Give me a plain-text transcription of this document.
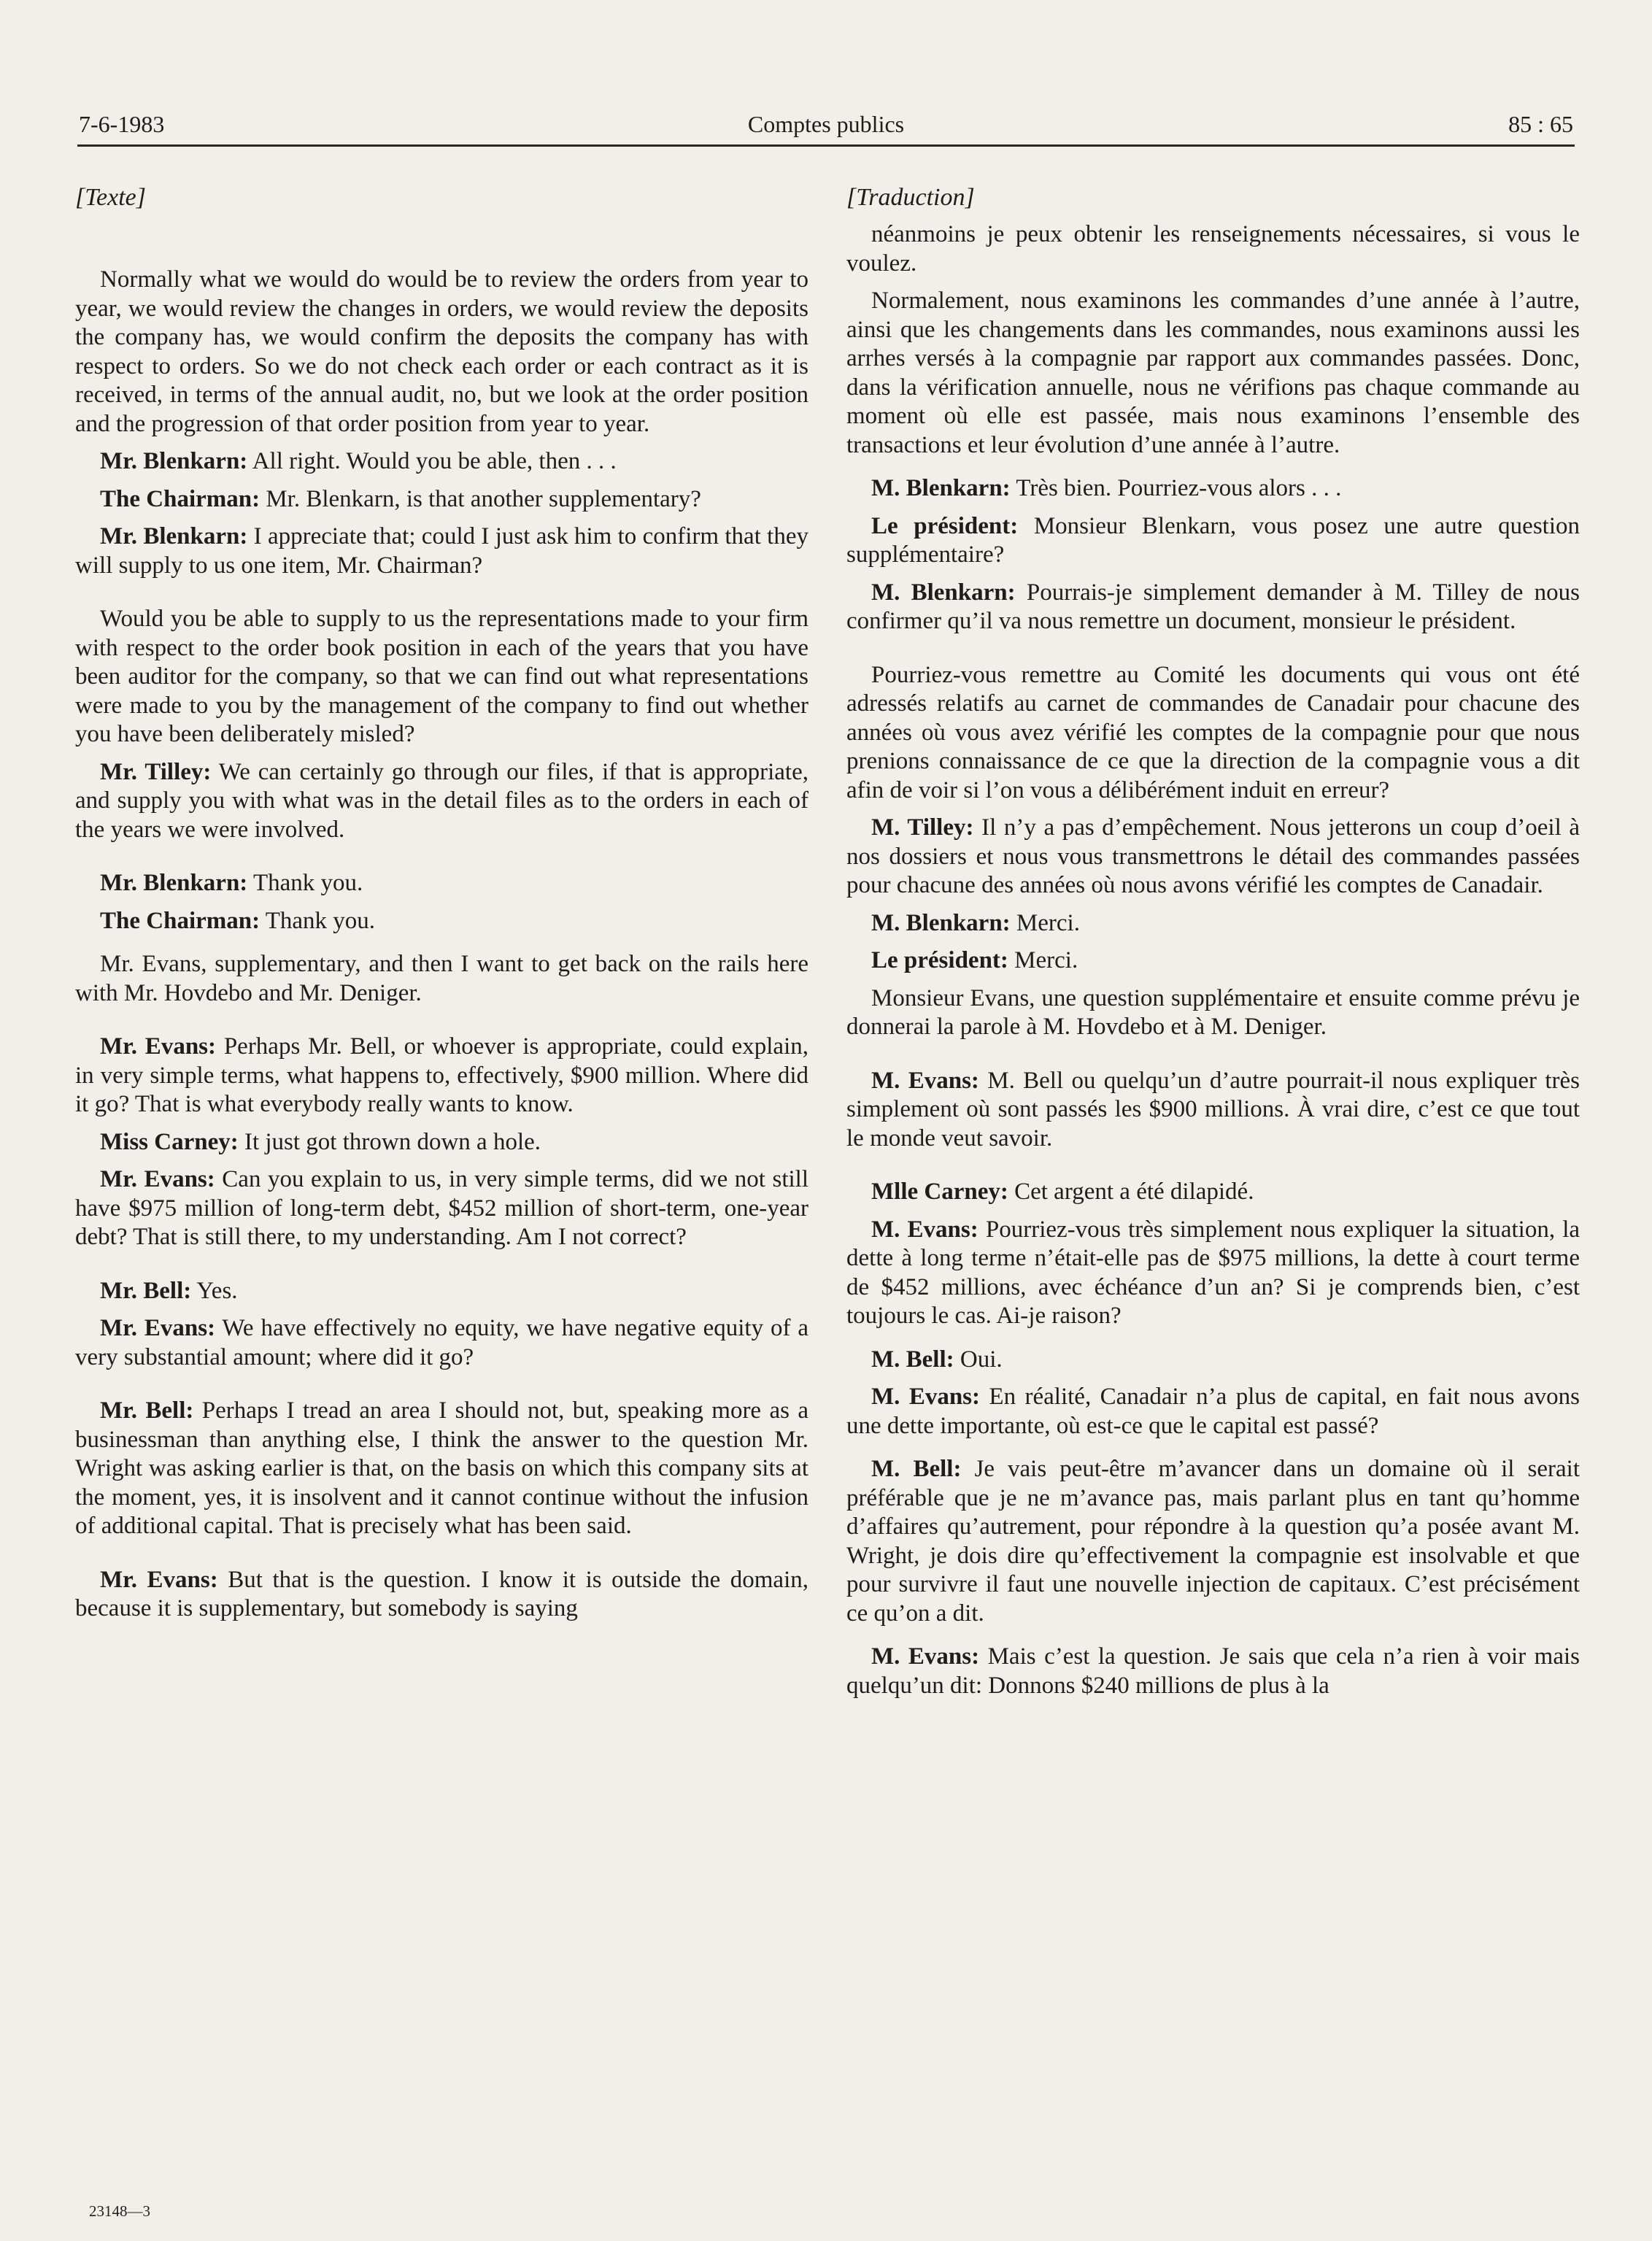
7-6-1983	Comptes publics	85 : 65
[Texte]

Normally what we would do would be to review the orders from year to year, we would review the changes in orders, we would review the deposits the company has, we would confirm the deposits the company has with respect to orders. So we do not check each order or each contract as it is received, in terms of the annual audit, no, but we look at the order position and the progression of that order position from year to year.

Mr. Blenkarn: All right. Would you be able, then . . .

The Chairman: Mr. Blenkarn, is that another supplementary?

Mr. Blenkarn: I appreciate that; could I just ask him to confirm that they will supply to us one item, Mr. Chairman?

Would you be able to supply to us the representations made to your firm with respect to the order book position in each of the years that you have been auditor for the company, so that we can find out what representations were made to you by the management of the company to find out whether you have been deliberately misled?

Mr. Tilley: We can certainly go through our files, if that is appropriate, and supply you with what was in the detail files as to the orders in each of the years we were involved.

Mr. Blenkarn: Thank you.

The Chairman: Thank you.

Mr. Evans, supplementary, and then I want to get back on the rails here with Mr. Hovdebo and Mr. Deniger.

Mr. Evans: Perhaps Mr. Bell, or whoever is appropriate, could explain, in very simple terms, what happens to, effectively, $900 million. Where did it go? That is what everybody really wants to know.

Miss Carney: It just got thrown down a hole.

Mr. Evans: Can you explain to us, in very simple terms, did we not still have $975 million of long-term debt, $452 million of short-term, one-year debt? That is still there, to my understanding. Am I not correct?

Mr. Bell: Yes.

Mr. Evans: We have effectively no equity, we have negative equity of a very substantial amount; where did it go?

Mr. Bell: Perhaps I tread an area I should not, but, speaking more as a businessman than anything else, I think the answer to the question Mr. Wright was asking earlier is that, on the basis on which this company sits at the moment, yes, it is insolvent and it cannot continue without the infusion of additional capital. That is precisely what has been said.

Mr. Evans: But that is the question. I know it is outside the domain, because it is supplementary, but somebody is saying

[Traduction]

néanmoins je peux obtenir les renseignements nécessaires, si vous le voulez.

Normalement, nous examinons les commandes d’une année à l’autre, ainsi que les changements dans les commandes, nous examinons aussi les arrhes versés à la compagnie par rapport aux commandes passées. Donc, dans la vérification annuelle, nous ne vérifions pas chaque commande au moment où elle est passée, mais nous examinons l’ensemble des transactions et leur évolution d’une année à l’autre.

M. Blenkarn: Très bien. Pourriez-vous alors . . .

Le président: Monsieur Blenkarn, vous posez une autre question supplémentaire?

M. Blenkarn: Pourrais-je simplement demander à M. Tilley de nous confirmer qu’il va nous remettre un document, monsieur le président.

Pourriez-vous remettre au Comité les documents qui vous ont été adressés relatifs au carnet de commandes de Canadair pour chacune des années où vous avez vérifié les comptes de la compagnie pour que nous prenions connaissance de ce que la direction de la compagnie vous a dit afin de voir si l’on vous a délibérément induit en erreur?

M. Tilley: Il n’y a pas d’empêchement. Nous jetterons un coup d’oeil à nos dossiers et nous vous transmettrons le détail des commandes passées pour chacune des années où nous avons vérifié les comptes de Canadair.

M. Blenkarn: Merci.

Le président: Merci.

Monsieur Evans, une question supplémentaire et ensuite comme prévu je donnerai la parole à M. Hovdebo et à M. Deniger.

M. Evans: M. Bell ou quelqu’un d’autre pourrait-il nous expliquer très simplement où sont passés les $900 millions. À vrai dire, c’est ce que tout le monde veut savoir.

Mlle Carney: Cet argent a été dilapidé.

M. Evans: Pourriez-vous très simplement nous expliquer la situation, la dette à long terme n’était-elle pas de $975 millions, la dette à court terme de $452 millions, avec échéance d’un an? Si je comprends bien, c’est toujours le cas. Ai-je raison?

M. Bell: Oui.

M. Evans: En réalité, Canadair n’a plus de capital, en fait nous avons une dette importante, où est-ce que le capital est passé?

M. Bell: Je vais peut-être m’avancer dans un domaine où il serait préférable que je ne m’avance pas, mais parlant plus en tant qu’homme d’affaires qu’autrement, pour répondre à la question qu’a posée avant M. Wright, je dois dire qu’effectivement la compagnie est insolvable et que pour survivre il faut une nouvelle injection de capitaux. C’est précisément ce qu’on a dit.

M. Evans: Mais c’est la question. Je sais que cela n’a rien à voir mais quelqu’un dit: Donnons $240 millions de plus à la

23148—3
